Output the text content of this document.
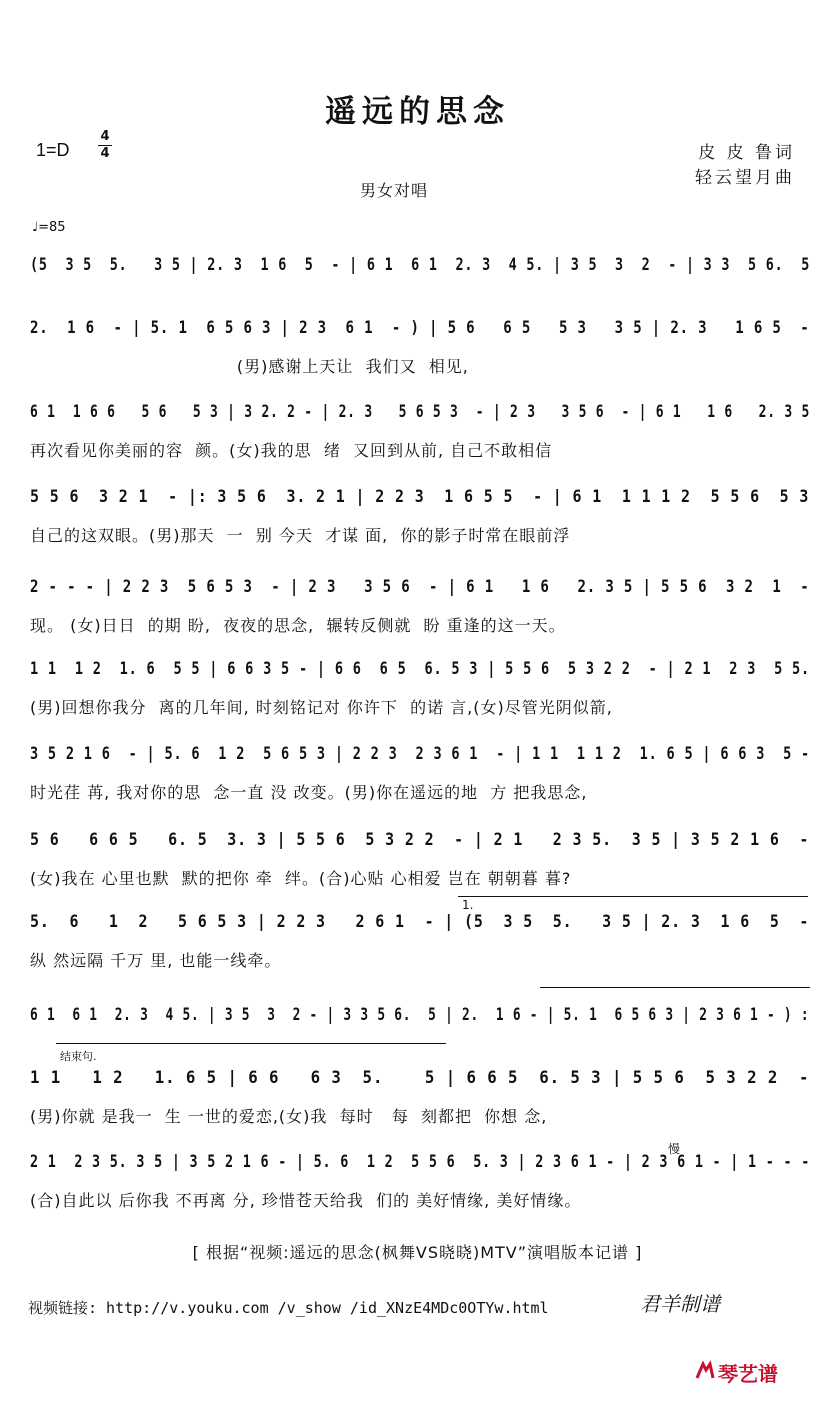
遥远的思念
1=D
4
4	皮 皮 鲁词
轻云望月曲
男女对唱
♩=85
(5  3 5  5.   3 5 | 2. 3  1 6  5  - | 6 1  6 1  2. 3  4 5. | 3 5  3  2  - | 3 3  5 6.  5
2.  1 6  - | 5. 1  6 5 6 3 | 2 3  6 1  - ) | 5 6   6 5   5 3   3 5 | 2. 3   1 6 5  -
(男)感谢上天让  我们又  相见,
6 1  1 6 6   5 6   5 3 | 3 2. 2 - | 2. 3   5 6 5 3  - | 2 3   3 5 6  - | 6 1   1 6   2. 3 5
再次看见你美丽的容  颜。(女)我的思  绪  又回到从前, 自己不敢相信
5 5 6  3 2 1  - |: 3 5 6  3. 2 1 | 2 2 3  1 6 5 5  - | 6 1  1 1 1 2  5 5 6  5 3
自己的这双眼。(男)那天  一  别 今天  才谋 面,  你的影子时常在眼前浮
2 - - - | 2 2 3  5 6 5 3  - | 2 3   3 5 6  - | 6 1   1 6   2. 3 5 | 5 5 6  3 2  1  -
现。 (女)日日  的期 盼,  夜夜的思念,  辗转反侧就  盼 重逢的这一天。
1 1  1 2  1. 6  5 5 | 6 6 3 5 - | 6 6  6 5  6. 5 3 | 5 5 6  5 3 2 2  - | 2 1  2 3  5 5.
(男)回想你我分  离的几年间, 时刻铭记对 你许下  的诺 言,(女)尽管光阴似箭,
3 5 2 1 6  - | 5. 6  1 2  5 6 5 3 | 2 2 3  2 3 6 1  - | 1 1  1 1 2  1. 6 5 | 6 6 3  5 -
时光荏 苒, 我对你的思  念一直 没 改变。(男)你在遥远的地  方 把我思念,
5 6   6 6 5   6. 5  3. 3 | 5 5 6  5 3 2 2  - | 2 1   2 3 5.  3 5 | 3 5 2 1 6  -
(女)我在 心里也默  默的把你 牵  绊。(合)心贴 心相爱 岂在 朝朝暮 暮?
5.  6   1  2   5 6 5 3 | 2 2 3   2 6 1  - | (5  3 5  5.   3 5 | 2. 3  1 6  5  -
纵 然远隔 千万 里, 也能一线牵。
6 1  6 1  2. 3  4 5. | 3 5  3  2 - | 3 3 5 6.  5 | 2.  1 6 - | 5. 1  6 5 6 3 | 2 3 6 1 - ) :
1 1   1 2   1. 6 5 | 6 6   6 3  5.    5 | 6 6 5  6. 5 3 | 5 5 6  5 3 2 2  -
(男)你就 是我一  生 一世的爱恋,(女)我  每时   每  刻都把  你想 念,
2 1  2 3 5. 3 5 | 3 5 2 1 6 - | 5. 6  1 2  5 5 6  5. 3 | 2 3 6 1 - | 2 3 6 1 - | 1 - - -
(合)自此以 后你我 不再离 分, 珍惜苍天给我  们的 美好情缘, 美好情缘。
1.
结束句.
慢
[ 根据“视频:遥远的思念(枫舞VS晓晓)MTV”演唱版本记谱 ]
视频链接: http://v.youku.com /v_show /id_XNzE4MDc0OTYw.html	君羊制谱
琴艺谱
